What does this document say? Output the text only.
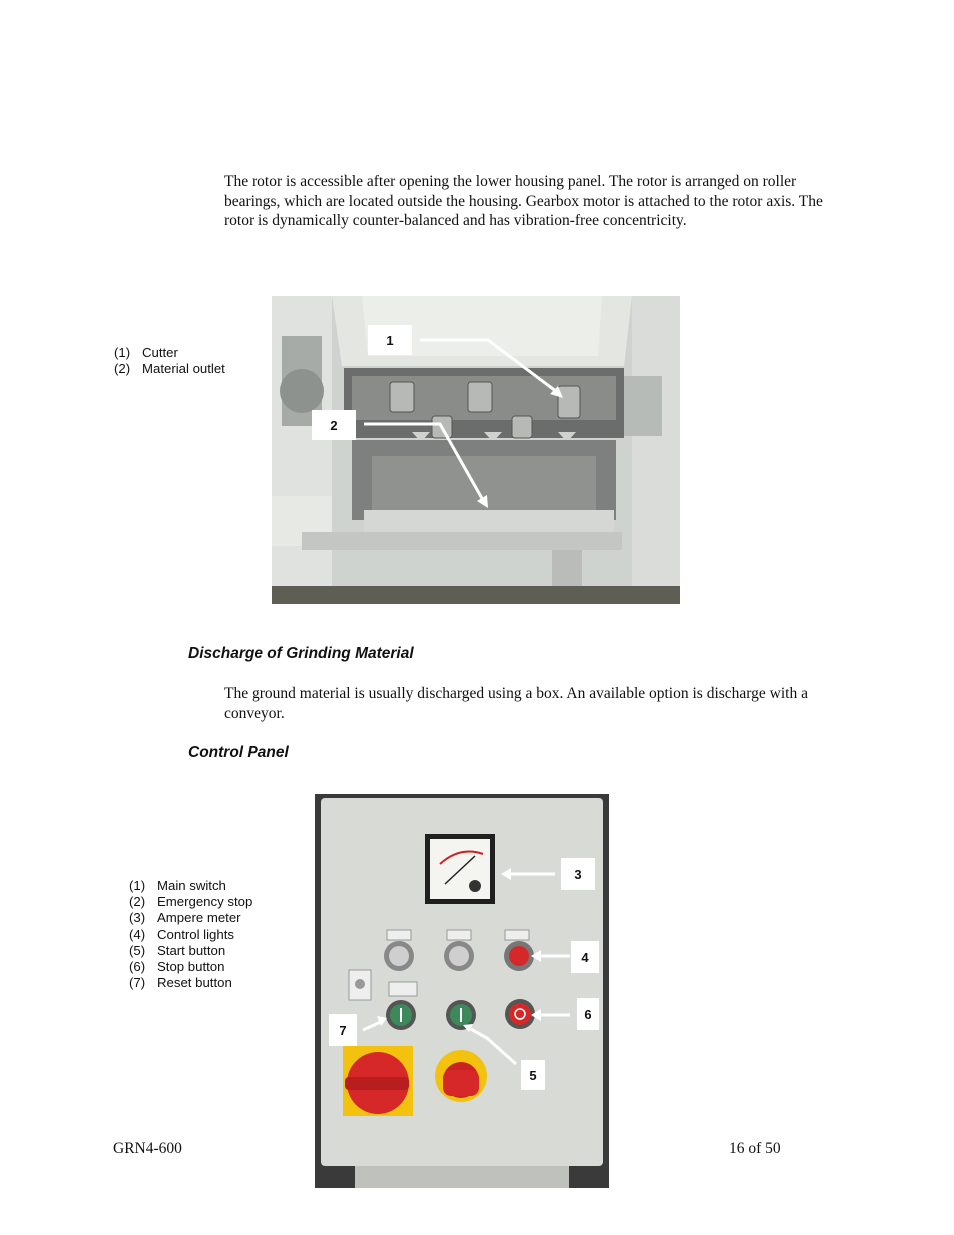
The rotor is accessible after opening the lower housing panel. The rotor is arranged on roller bearings, which are located outside the housing. Gearbox motor is attached to the rotor axis. The rotor is dynamically counter-balanced and has vibration-free concentricity.

(1) Cutter
(2) Material outlet
1
2

Discharge of Grinding Material

The ground material is usually discharged using a box. An available option is discharge with a conveyor.

Control Panel

(1) Main switch
(2) Emergency stop
(3) Ampere meter
(4) Control lights
(5) Start button
(6) Stop button
(7) Reset button
3
4
6
7
5
GRN4-600	16 of 50
